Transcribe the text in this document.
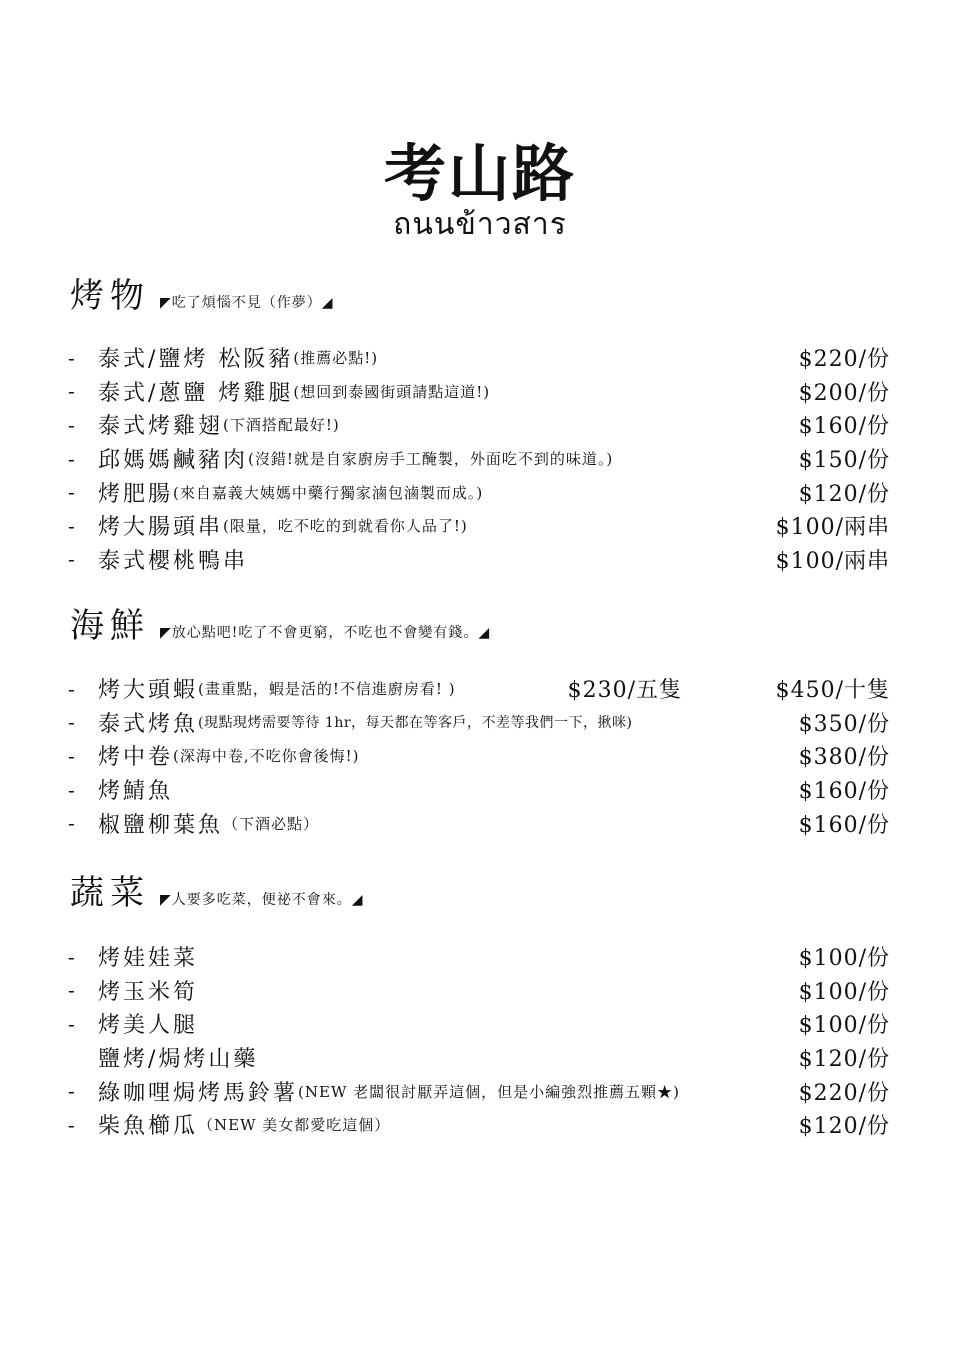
考山路
ถนนข้าวสาร
烤物 ◤吃了煩惱不見（作夢）◢
-	泰式/鹽烤 松阪豬 (推薦必點!)	$220/份
-	泰式/蔥鹽 烤雞腿 (想回到泰國街頭請點這道!)	$200/份
-	泰式烤雞翅 (下酒搭配最好!)	$160/份
-	邱媽媽鹹豬肉 (沒錯!就是自家廚房手工醃製，外面吃不到的味道。)	$150/份
-	烤肥腸 (來自嘉義大姨媽中藥行獨家滷包滷製而成。)	$120/份
-	烤大腸頭串 (限量，吃不吃的到就看你人品了!)	$100/兩串
-	泰式櫻桃鴨串	$100/兩串
海鮮 ◤放心點吧!吃了不會更窮，不吃也不會變有錢。◢
-	烤大頭蝦 (畫重點，蝦是活的!不信進廚房看! )	$230/五隻	$450/十隻
-	泰式烤魚 (現點現烤需要等待 1hr，每天都在等客戶，不差等我們一下，揪咪)	$350/份
-	烤中卷 (深海中卷,不吃你會後悔!)	$380/份
-	烤鯖魚	$160/份
-	椒鹽柳葉魚 （下酒必點）	$160/份
蔬菜 ◤人要多吃菜，便祕不會來。◢
-	烤娃娃菜	$100/份
-	烤玉米筍	$100/份
-	烤美人腿	$100/份
鹽烤/焗烤山藥	$120/份
-	綠咖哩焗烤馬鈴薯 (NEW 老闆很討厭弄這個，但是小編強烈推薦五顆★)	$220/份
-	柴魚櫛瓜 （NEW 美女都愛吃這個）	$120/份
